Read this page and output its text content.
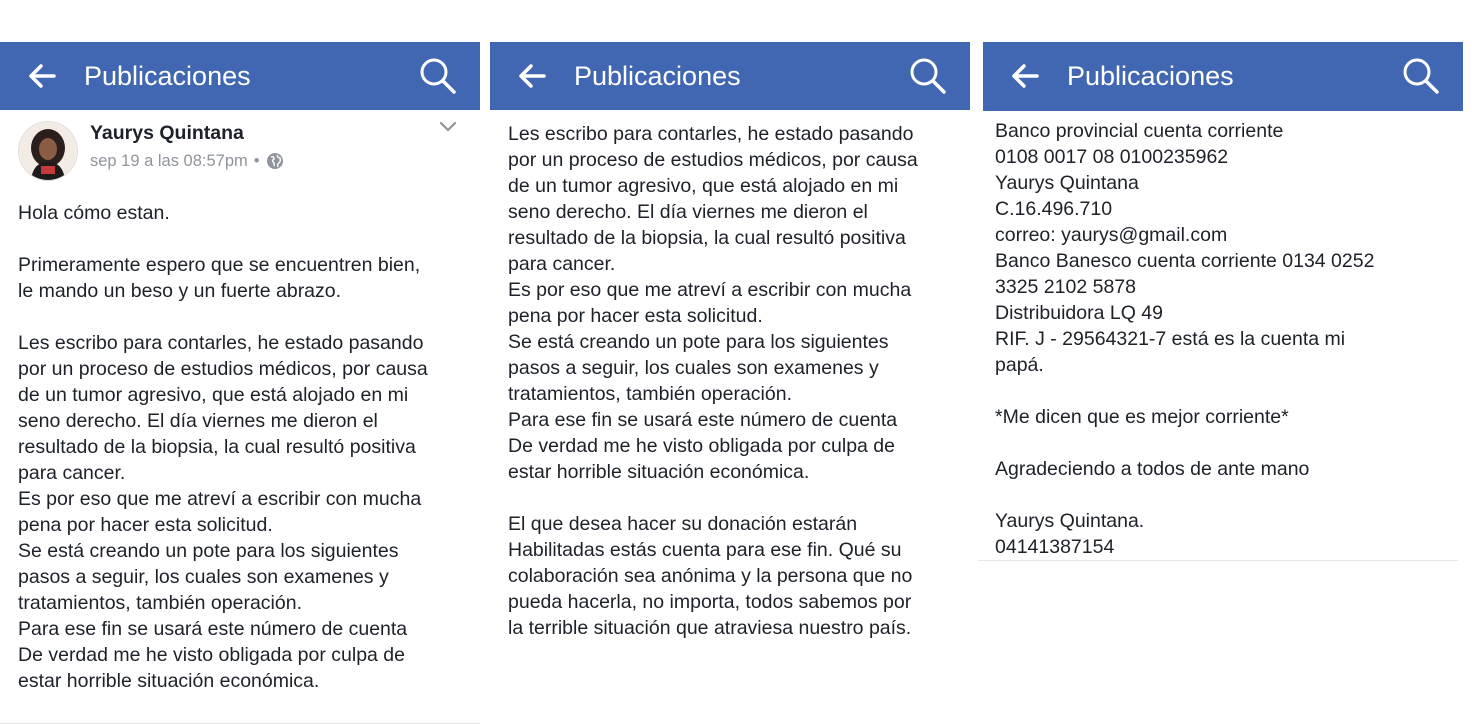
Publicaciones
Yaurys Quintana
sep 19 a las 08:57pm •
Hola cómo estan.

Primeramente espero que se encuentren bien,
le mando un beso y un fuerte abrazo.

Les escribo para contarles, he estado pasando
por un proceso de estudios médicos, por causa
de un tumor agresivo, que está alojado en mi
seno derecho. El día viernes me dieron el
resultado de la biopsia, la cual resultó positiva
para cancer.
Es por eso que me atreví a escribir con mucha
pena por hacer esta solicitud.
Se está creando un pote para los siguientes
pasos a seguir, los cuales son examenes y
tratamientos, también operación.
Para ese fin se usará este número de cuenta
De verdad me he visto obligada por culpa de
estar horrible situación económica.
Publicaciones
Les escribo para contarles, he estado pasando
por un proceso de estudios médicos, por causa
de un tumor agresivo, que está alojado en mi
seno derecho. El día viernes me dieron el
resultado de la biopsia, la cual resultó positiva
para cancer.
Es por eso que me atreví a escribir con mucha
pena por hacer esta solicitud.
Se está creando un pote para los siguientes
pasos a seguir, los cuales son examenes y
tratamientos, también operación.
Para ese fin se usará este número de cuenta
De verdad me he visto obligada por culpa de
estar horrible situación económica.

El que desea hacer su donación estarán
Habilitadas estás cuenta para ese fin. Qué su
colaboración sea anónima y la persona que no
pueda hacerla, no importa, todos sabemos por
la terrible situación que atraviesa nuestro país.
Publicaciones
Banco provincial cuenta corriente
0108 0017 08 0100235962
Yaurys Quintana
C.16.496.710
correo: yaurys@gmail.com
Banco Banesco cuenta corriente 0134 0252
3325 2102 5878
Distribuidora LQ 49
RIF. J - 29564321-7 está es la cuenta mi
papá.

*Me dicen que es mejor corriente*

Agradeciendo a todos de ante mano

Yaurys Quintana.
04141387154
